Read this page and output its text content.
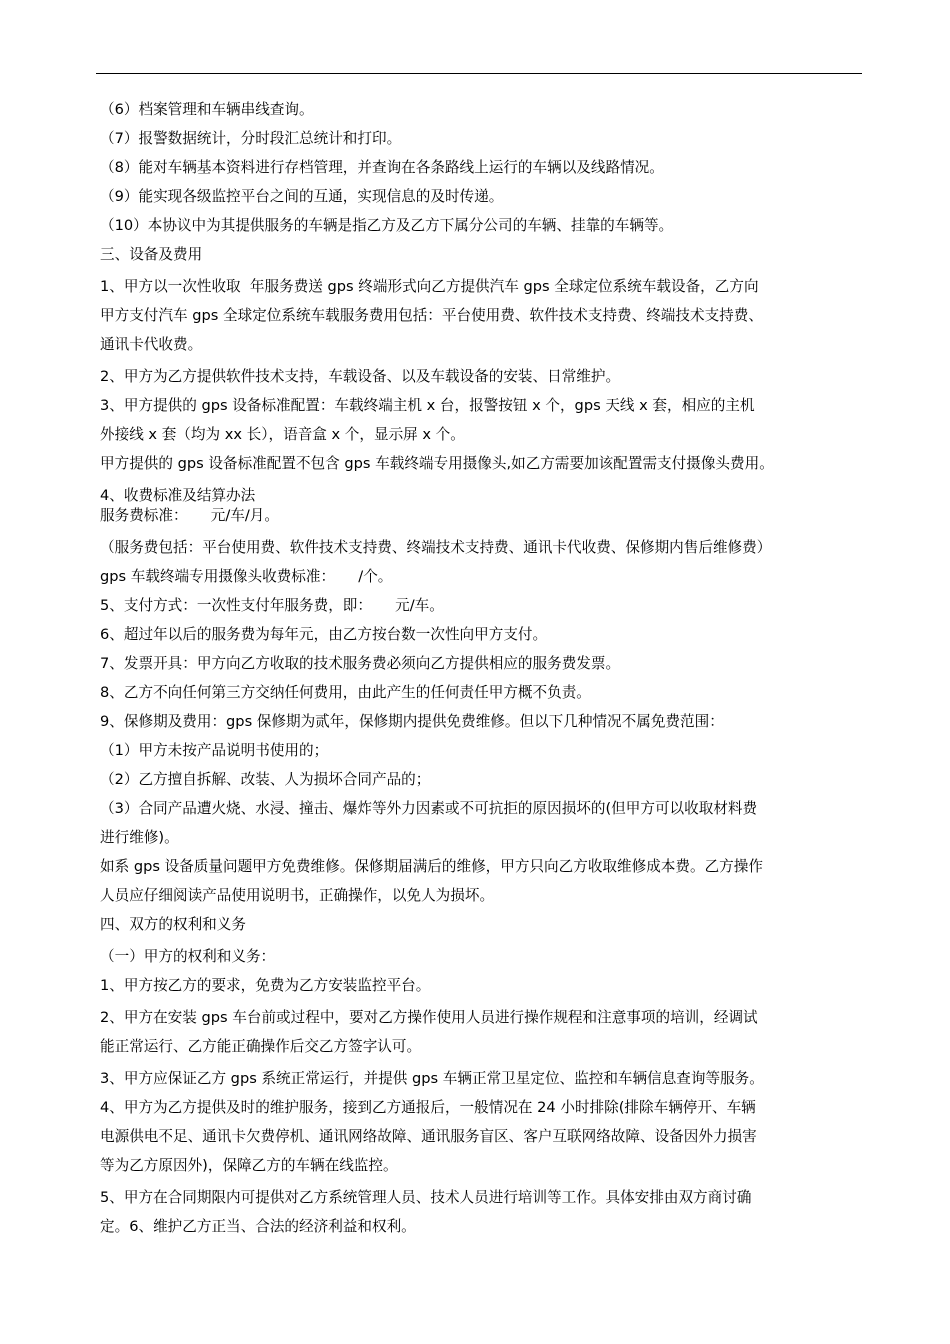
（6）档案管理和车辆串线查询。

（7）报警数据统计，分时段汇总统计和打印。

（8）能对车辆基本资料进行存档管理，并查询在各条路线上运行的车辆以及线路情况。

（9）能实现各级监控平台之间的互通，实现信息的及时传递。

（10）本协议中为其提供服务的车辆是指乙方及乙方下属分公司的车辆、挂靠的车辆等。

三、设备及费用

1、甲方以一次性收取  年服务费送 gps 终端形式向乙方提供汽车 gps 全球定位系统车载设备，乙方向

甲方支付汽车 gps 全球定位系统车载服务费用包括：平台使用费、软件技术支持费、终端技术支持费、

通讯卡代收费。

2、甲方为乙方提供软件技术支持，车载设备、以及车载设备的安装、日常维护。

3、甲方提供的 gps 设备标准配置：车载终端主机 x 台，报警按钮 x 个，gps 天线 x 套，相应的主机

外接线 x 套（均为 xx 长），语音盒 x 个，显示屏 x 个。

甲方提供的 gps 设备标准配置不包含 gps 车载终端专用摄像头,如乙方需要加该配置需支付摄像头费用。

4、收费标准及结算办法

服务费标准：     元/车/月。

（服务费包括：平台使用费、软件技术支持费、终端技术支持费、通讯卡代收费、保修期内售后维修费）

gps 车载终端专用摄像头收费标准：     /个。

5、支付方式：一次性支付年服务费，即：     元/车。

6、超过年以后的服务费为每年元，由乙方按台数一次性向甲方支付。

7、发票开具：甲方向乙方收取的技术服务费必须向乙方提供相应的服务费发票。

8、乙方不向任何第三方交纳任何费用，由此产生的任何责任甲方概不负责。

9、保修期及费用：gps 保修期为贰年，保修期内提供免费维修。但以下几种情况不属免费范围：

（1）甲方未按产品说明书使用的；

（2）乙方擅自拆解、改装、人为损坏合同产品的；

（3）合同产品遭火烧、水浸、撞击、爆炸等外力因素或不可抗拒的原因损坏的(但甲方可以收取材料费

进行维修)。

如系 gps 设备质量问题甲方免费维修。保修期届满后的维修，甲方只向乙方收取维修成本费。乙方操作

人员应仔细阅读产品使用说明书，正确操作，以免人为损坏。

四、双方的权利和义务

（一）甲方的权利和义务：

1、甲方按乙方的要求，免费为乙方安装监控平台。

2、甲方在安装 gps 车台前或过程中，要对乙方操作使用人员进行操作规程和注意事项的培训，经调试

能正常运行、乙方能正确操作后交乙方签字认可。

3、甲方应保证乙方 gps 系统正常运行，并提供 gps 车辆正常卫星定位、监控和车辆信息查询等服务。

4、甲方为乙方提供及时的维护服务，接到乙方通报后，一般情况在 24 小时排除(排除车辆停开、车辆

电源供电不足、通讯卡欠费停机、通讯网络故障、通讯服务盲区、客户互联网络故障、设备因外力损害

等为乙方原因外)，保障乙方的车辆在线监控。

5、甲方在合同期限内可提供对乙方系统管理人员、技术人员进行培训等工作。具体安排由双方商讨确

定。6、维护乙方正当、合法的经济利益和权利。
